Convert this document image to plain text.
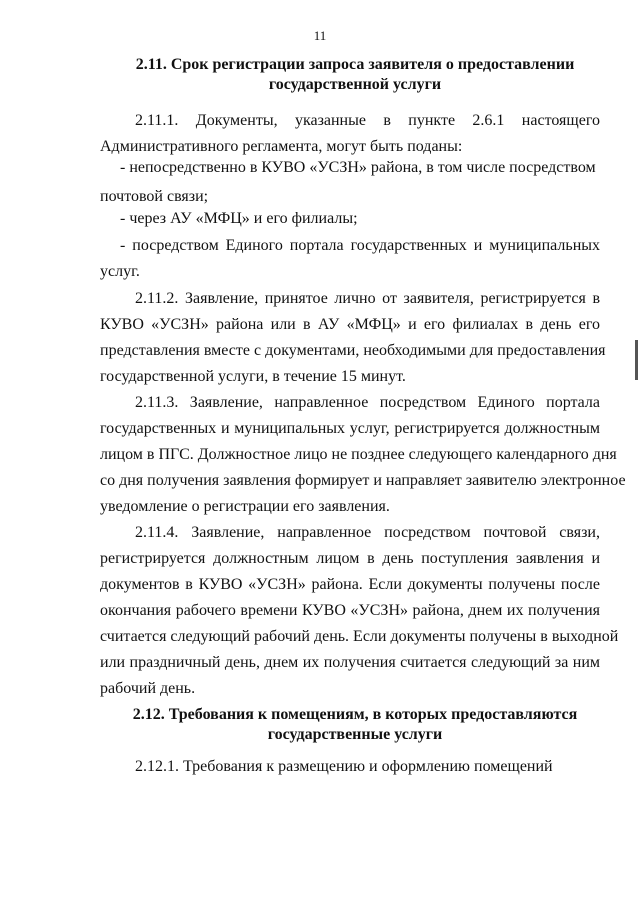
11
2.11. Срок регистрации запроса заявителя о предоставлении
государственной услуги
2.11.1. Документы, указанные в пункте 2.6.1 настоящего
Административного регламента, могут быть поданы:
- непосредственно в КУВО «УСЗН» района, в том числе посредством
почтовой связи;
- через АУ «МФЦ» и его филиалы;
- посредством Единого портала государственных и муниципальных
услуг.
2.11.2. Заявление, принятое лично от заявителя, регистрируется в
КУВО «УСЗН» района или в АУ «МФЦ» и его филиалах в день его
представления вместе с документами, необходимыми для предоставления
государственной услуги, в течение 15 минут.
2.11.3. Заявление, направленное посредством Единого портала
государственных и муниципальных услуг, регистрируется должностным
лицом в ПГС. Должностное лицо не позднее следующего календарного дня
со дня получения заявления формирует и направляет заявителю электронное
уведомление о регистрации его заявления.
2.11.4. Заявление, направленное посредством почтовой связи,
регистрируется должностным лицом в день поступления заявления и
документов в КУВО «УСЗН» района. Если документы получены после
окончания рабочего времени КУВО «УСЗН» района, днем их получения
считается следующий рабочий день. Если документы получены в выходной
или праздничный день, днем их получения считается следующий за ним
рабочий день.
2.12. Требования к помещениям, в которых предоставляются
государственные услуги
2.12.1. Требования к размещению и оформлению помещений
